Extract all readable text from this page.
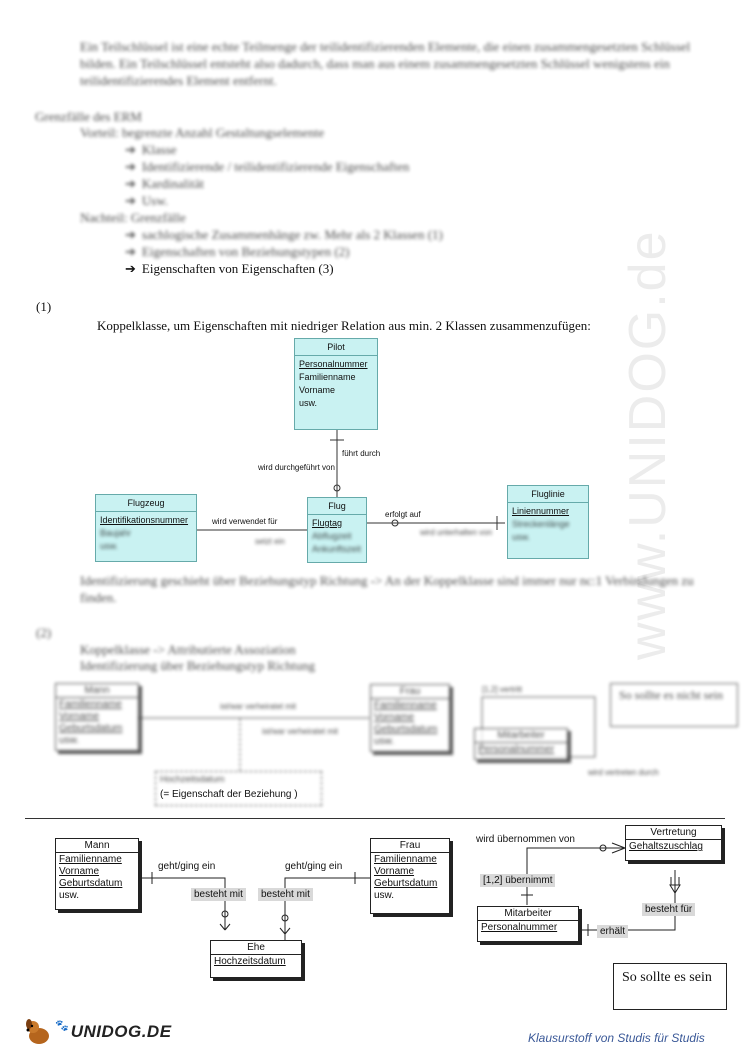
www.UNIDOG.de
Ein Teilschlüssel ist eine echte Teilmenge der teilidentifizierenden Elemente, die einen zusammengesetzten Schlüssel bilden. Ein Teilschlüssel entsteht also dadurch, dass man aus einem zusammengesetzten Schlüssel wenigstens ein teilidentifizierendes Element entfernt.
Grenzfälle des ERM
Vorteil: begrenzte Anzahl Gestaltungselemente
➔ Klasse
➔ Identifizierende / teilidentifizierende Eigenschaften
➔ Kardinalität
➔ Usw.
Nachteil: Grenzfälle
➔ sachlogische Zusammenhänge zw. Mehr als 2 Klassen (1)
➔ Eigenschaften von Beziehungstypen (2)
➔ Eigenschaften von Eigenschaften (3)
(1)
Koppelklasse, um Eigenschaften mit niedriger Relation aus min. 2 Klassen zusammenzufügen:
Pilot
Personalnummer
Familienname
Vorname
usw.
führt durch
wird durchgeführt von
Flugzeug
Identifikationsnummer
Baujahr
usw.
Flug
Flugtag
Abflugzeit
Ankunftszeit
Fluglinie
Liniennummer
Streckenlänge
usw.
wird verwendet für
setzt ein
erfolgt auf
wird unterhalten von
Identifizierung geschieht über Beziehungstyp Richtung -> An der Koppelklasse sind immer nur nc:1 Verbindungen zu finden.
(2)
Koppelklasse -> Attributierte Assoziation
Identifizierung über Beziehungstyp Richtung
Mann
Familienname
Vorname
Geburtsdatum
usw.
Frau
Familienname
Vorname
Geburtsdatum
usw.
ist/war verheiratet mit
ist/war verheiratet mit
Hochzeitsdatum
(= Eigenschaft der Beziehung )
[1,2] vertritt
Mitarbeiter
Personalnummer
wird vertreten durch
So sollte es nicht sein
Mann
Familienname
Vorname
Geburtsdatum
usw.
Frau
Familienname
Vorname
Geburtsdatum
usw.
Ehe
Hochzeitsdatum
geht/ging ein	geht/ging ein
besteht mit	besteht mit
Vertretung
Gehaltszuschlag
wird übernommen von
[1,2] übernimmt
Mitarbeiter
Personalnummer
besteht für
erhält
So sollte es sein
🐾 UNIDOG.DE	Klausurstoff von Studis für Studis
